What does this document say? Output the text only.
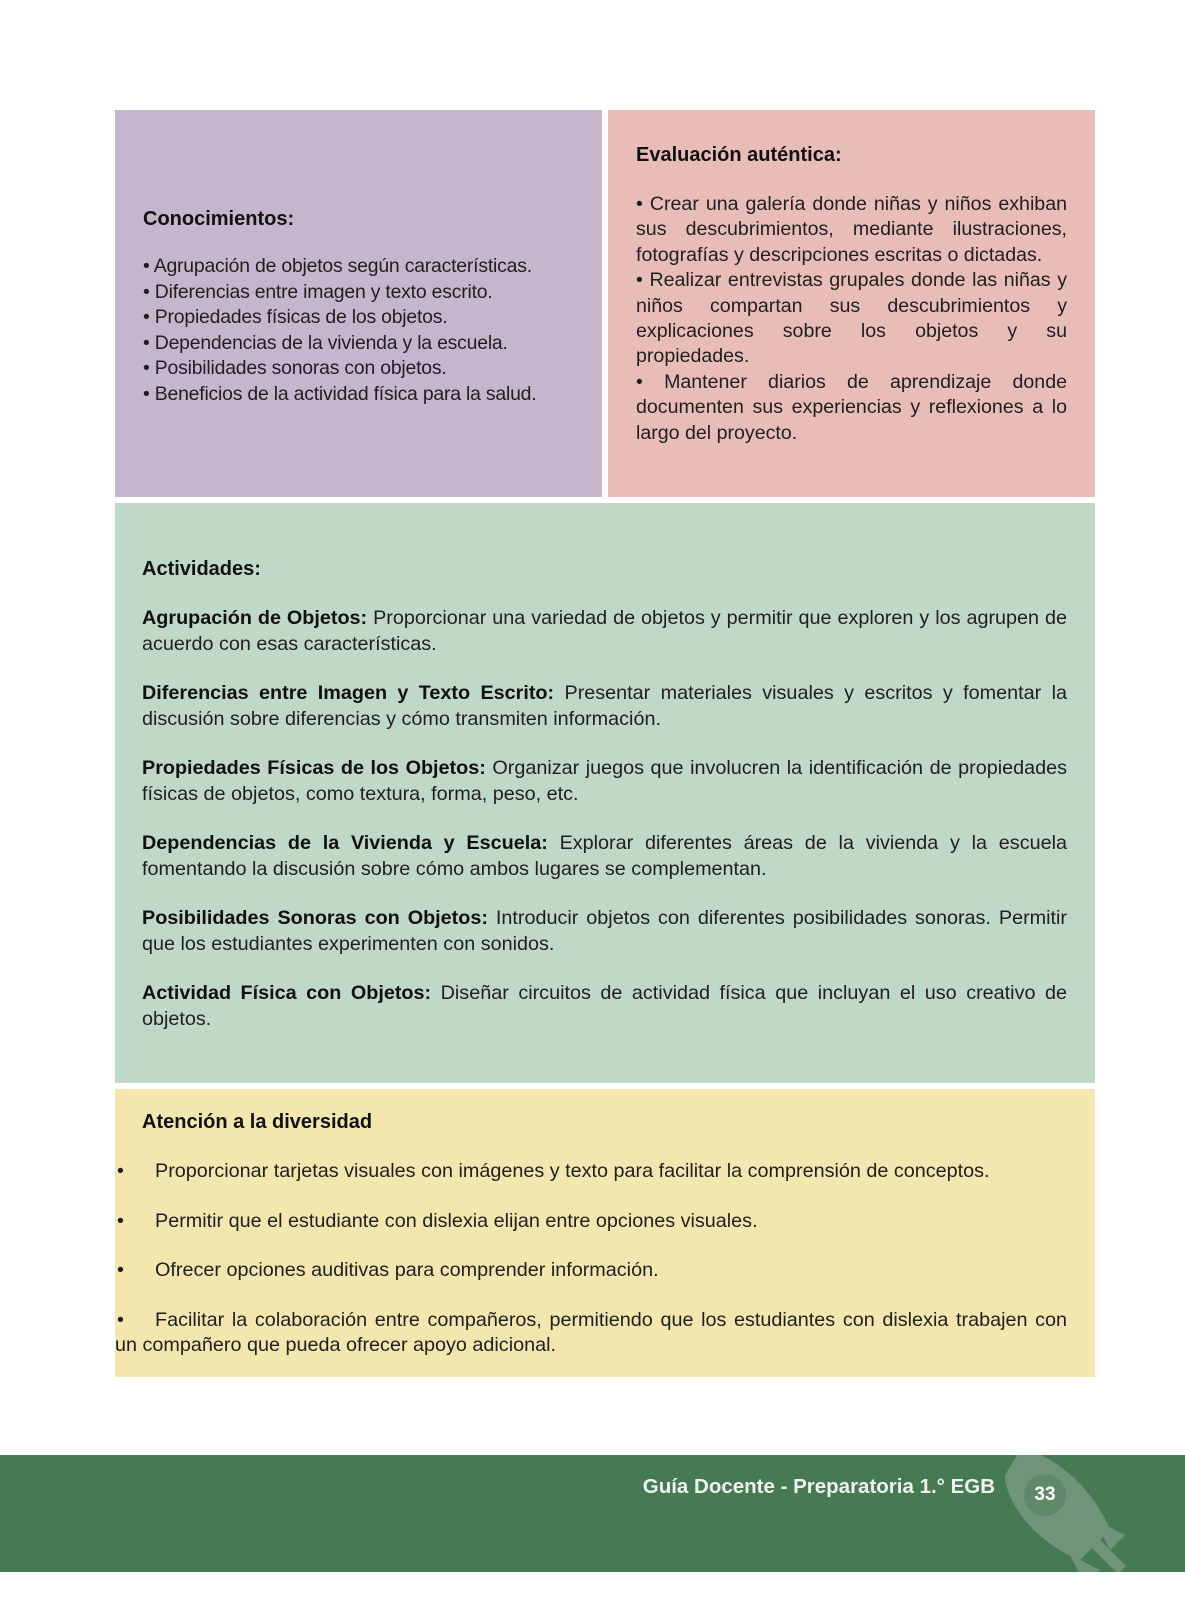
Conocimientos:
• Agrupación de objetos según características.
• Diferencias entre imagen y texto escrito.
• Propiedades físicas de los objetos.
• Dependencias de la vivienda y la escuela.
• Posibilidades sonoras con objetos.
• Beneficios de la actividad física para la salud.
Evaluación auténtica:

• Crear una galería donde niñas y niños exhiban sus descubrimientos, mediante ilustraciones, fotografías y descripciones escritas o dictadas.

• Realizar entrevistas grupales donde las niñas y niños compartan sus descubrimientos y explicaciones sobre los objetos y su propiedades.

• Mantener diarios de aprendizaje donde documenten sus experiencias y reflexiones a lo largo del proyecto.

Actividades:

Agrupación de Objetos: Proporcionar una variedad de objetos y permitir que exploren y los agrupen de acuerdo con esas características.

Diferencias entre Imagen y Texto Escrito: Presentar materiales visuales y escritos y fomentar la discusión sobre diferencias y cómo transmiten información.

Propiedades Físicas de los Objetos: Organizar juegos que involucren la identificación de propiedades físicas de objetos, como textura, forma, peso, etc.

Dependencias de la Vivienda y Escuela: Explorar diferentes áreas de la vivienda y la escuela fomentando la discusión sobre cómo ambos lugares se complementan.

Posibilidades Sonoras con Objetos: Introducir objetos con diferentes posibilidades sonoras. Permitir que los estudiantes experimenten con sonidos.

Actividad Física con Objetos: Diseñar circuitos de actividad física que incluyan el uso creativo de objetos.

Atención a la diversidad
•	Proporcionar tarjetas visuales con imágenes y texto para facilitar la comprensión de conceptos.
•	Permitir que el estudiante con dislexia elijan entre opciones visuales.
•	Ofrecer opciones auditivas para comprender información.
• Facilitar la colaboración entre compañeros, permitiendo que los estudiantes con dislexia trabajen con un compañero que pueda ofrecer apoyo adicional.
Guía Docente - Preparatoria 1.° EGB	33
